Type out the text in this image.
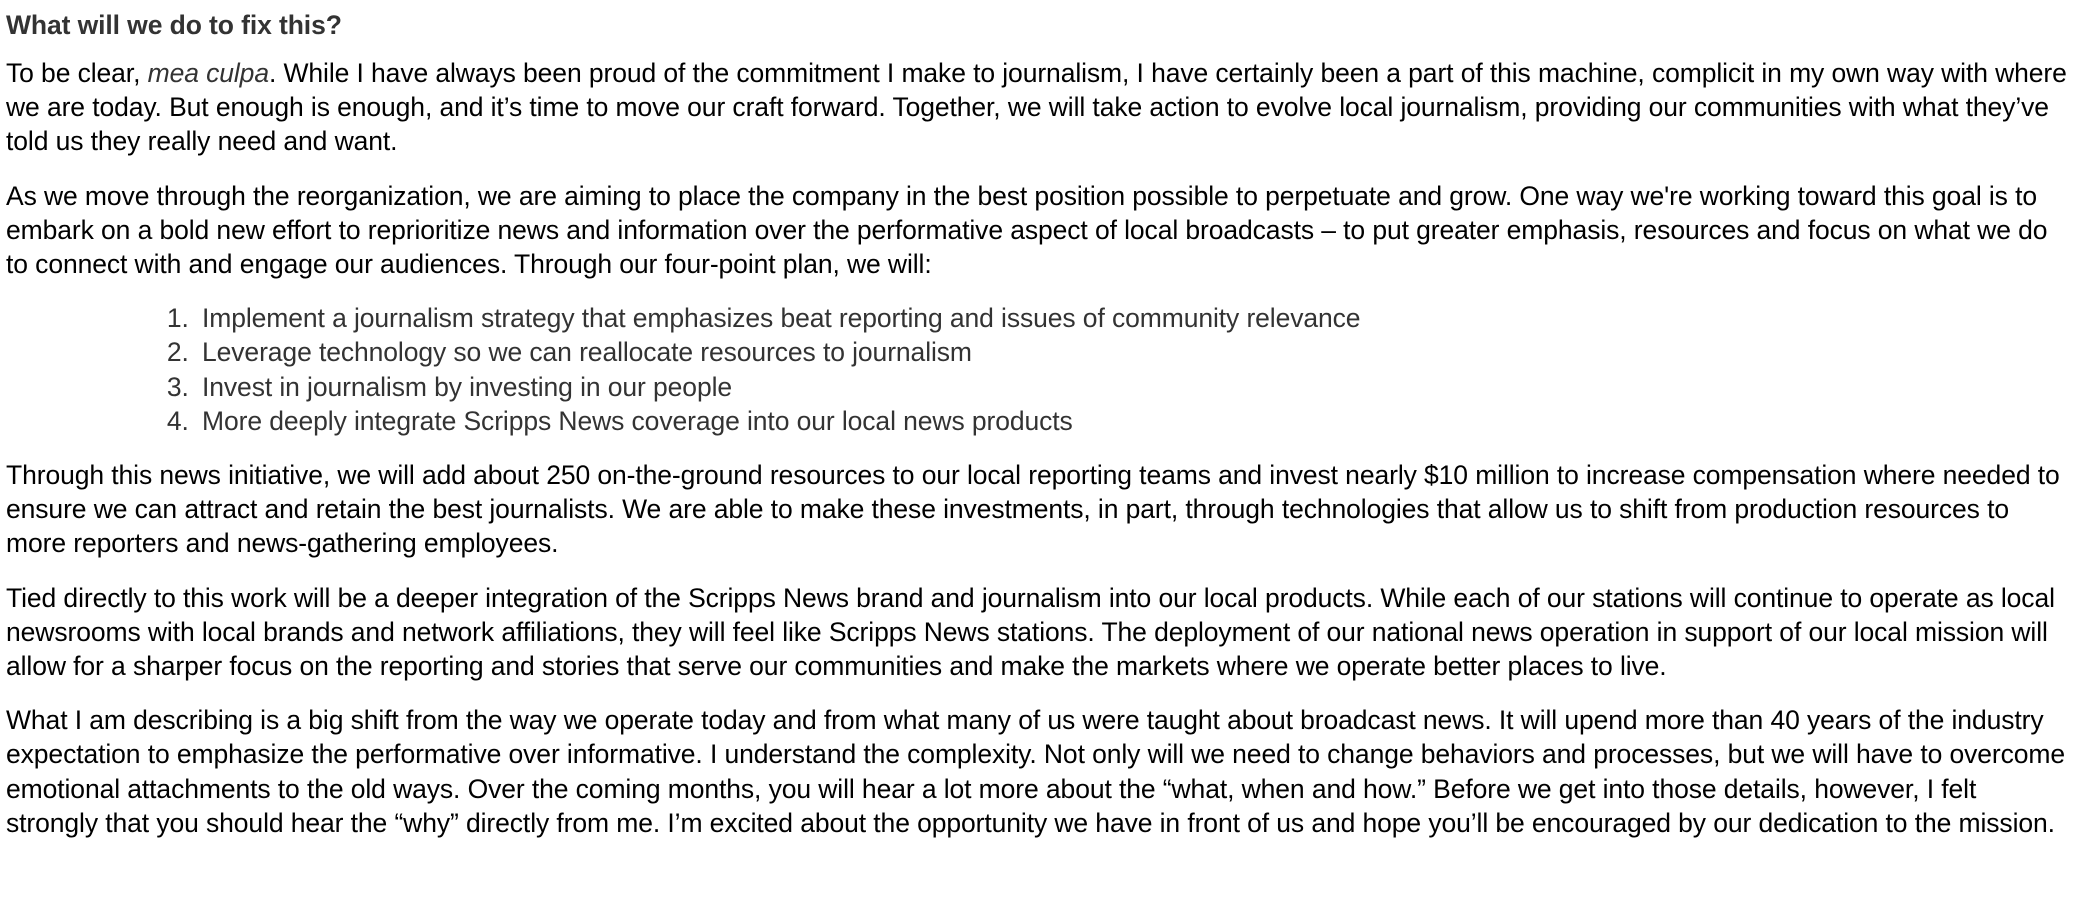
What will we do to fix this?

To be clear, mea culpa. While I have always been proud of the commitment I make to journalism, I have certainly been a part of this machine, complicit in my own way with where we are today. But enough is enough, and it’s time to move our craft forward. Together, we will take action to evolve local journalism, providing our communities with what they’ve told us they really need and want.

As we move through the reorganization, we are aiming to place the company in the best position possible to perpetuate and grow. One way we're working toward this goal is to embark on a bold new effort to reprioritize news and information over the performative aspect of local broadcasts – to put greater emphasis, resources and focus on what we do to connect with and engage our audiences. Through our four-point plan, we will:

1. Implement a journalism strategy that emphasizes beat reporting and issues of community relevance
2. Leverage technology so we can reallocate resources to journalism
3. Invest in journalism by investing in our people
4. More deeply integrate Scripps News coverage into our local news products

Through this news initiative, we will add about 250 on-the-ground resources to our local reporting teams and invest nearly $10 million to increase compensation where needed to ensure we can attract and retain the best journalists. We are able to make these investments, in part, through technologies that allow us to shift from production resources to more reporters and news-gathering employees.

Tied directly to this work will be a deeper integration of the Scripps News brand and journalism into our local products. While each of our stations will continue to operate as local newsrooms with local brands and network affiliations, they will feel like Scripps News stations. The deployment of our national news operation in support of our local mission will allow for a sharper focus on the reporting and stories that serve our communities and make the markets where we operate better places to live.

What I am describing is a big shift from the way we operate today and from what many of us were taught about broadcast news. It will upend more than 40 years of the industry expectation to emphasize the performative over informative. I understand the complexity. Not only will we need to change behaviors and processes, but we will have to overcome emotional attachments to the old ways. Over the coming months, you will hear a lot more about the “what, when and how.” Before we get into those details, however, I felt strongly that you should hear the “why” directly from me. I’m excited about the opportunity we have in front of us and hope you’ll be encouraged by our dedication to the mission.
